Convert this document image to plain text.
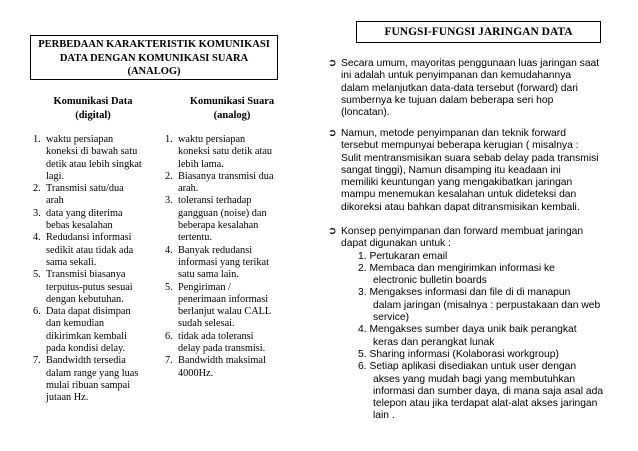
PERBEDAAN KARAKTERISTIK KOMUNIKASI
DATA DENGAN KOMUNIKASI SUARA
(ANALOG)
Komunikasi Data
(digital)
Komunikasi Suara
(analog)
1. waktu persiapan
koneksi di bawah satu
detik atau lebih singkat
lagi.
2. Transmisi satu/dua
arah
3. data yang diterima
bebas kesalahan
4. Redudansi informasi
sedikit atau tidak ada
sama sekali.
5. Transmisi biasanya
terputus-putus sesuai
dengan kebutuhan.
6. Data dapat disimpan
dan kemudian
dikirimkan kembali
pada kondisi delay.
7. Bandwidth tersedia
dalam range yang luas
mulai ribuan sampai
jutaan Hz.
1. waktu persiapan
koneksi satu detik atau
lebih lama.
2. Biasanya transmisi dua
arah.
3. toleransi terhadap
gangguan (noise) dan
beberapa kesalahan
tertentu.
4. Banyak redudansi
informasi yang terikat
satu sama lain.
5. Pengiriman /
penerimaan informasi
berlanjut walau CALL
sudah selesai.
6. tidak ada toleransi
delay pada transmisi.
7. Bandwidth maksimal
4000Hz.
FUNGSI-FUNGSI JARINGAN DATA
➲ Secara umum, mayoritas penggunaan luas jaringan saat
ini adalah untuk penyimpanan dan kemudahannya
dalam melanjutkan data-data tersebut (forward) dari
sumbernya ke tujuan dalam beberapa seri hop
(loncatan).
➲ Namun, metode penyimpanan dan teknik forward
tersebut mempunyai beberapa kerugian ( misalnya :
Sulit mentransmisikan suara sebab delay pada transmisi
sangat tinggi), Namun disamping itu keadaan ini
memiliki keuntungan yang mengakibatkan jaringan
mampu menemukan kesalahan untuk dideteksi dan
dikoreksi atau bahkan dapat ditransmisikan kembali.
➲ Konsep penyimpanan dan forward membuat jaringan
dapat digunakan untuk :
1. Pertukaran email
2. Membaca dan mengirimkan informasi ke
electronic bulletin boards
3. Mengakses informasi dan file di di manapun
dalam jaringan (misalnya : perpustakaan dan web
service)
4. Mengakses sumber daya unik baik perangkat
keras dan perangkat lunak
5. Sharing informasi (Kolaborasi workgroup)
6. Setiap aplikasi disediakan untuk user dengan
akses yang mudah bagi yang membutuhkan
informasi dan sumber daya, di mana saja asal ada
telepon atau jika terdapat alat-alat akses jaringan
lain .
